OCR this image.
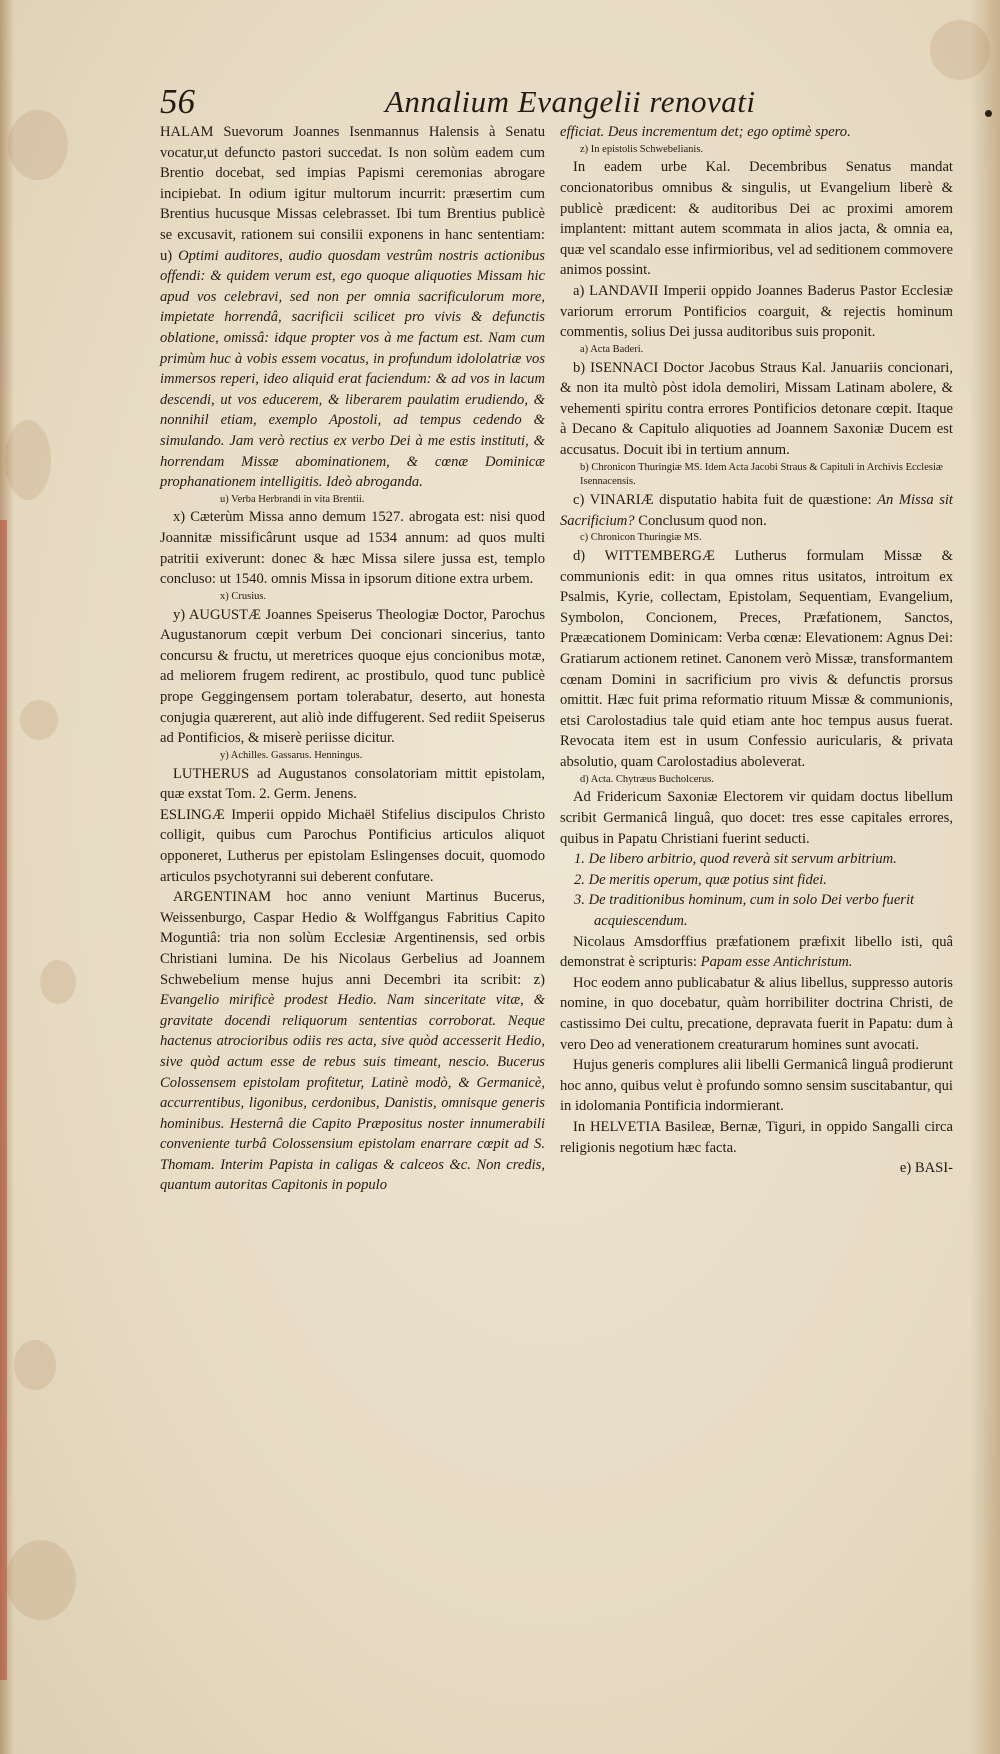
56	Annalium Evangelii renovati

HALAM Suevorum Joannes Isenmannus Halensis à Senatu vocatur,ut defuncto pastori succedat. Is non solùm eadem cum Brentio docebat, sed impias Papismi ceremonias abrogare incipiebat. In odium igitur multorum incurrit: præsertim cum Brentius hucusque Missas celebrasset. Ibi tum Brentius publicè se excusavit, rationem sui consilii exponens in hanc sententiam: u) Optimi auditores, audio quosdam vestrûm nostris actionibus offendi: & quidem verum est, ego quoque aliquoties Missam hic apud vos celebravi, sed non per omnia sacrificulorum more, impietate horrendâ, sacrificii scilicet pro vivis & defunctis oblatione, omissâ: idque propter vos à me factum est. Nam cum primùm huc à vobis essem vocatus, in profundum idololatriæ vos immersos reperi, ideo aliquid erat faciendum: & ad vos in lacum descendi, ut vos educerem, & liberarem paulatim erudiendo, & nonnihil etiam, exemplo Apostoli, ad tempus cedendo & simulando. Jam verò rectius ex verbo Dei à me estis instituti, & horrendam Missæ abominationem, & cœnæ Dominicæ prophanationem intelligitis. Ideò abroganda.

u) Verba Herbrandi in vita Brentii.

x) Cæterùm Missa anno demum 1527. abrogata est: nisi quod Joannitæ missificârunt usque ad 1534 annum: ad quos multi patritii exiverunt: donec & hæc Missa silere jussa est, templo concluso: ut 1540. omnis Missa in ipsorum ditione extra urbem.

x) Crusius.

y) AUGUSTÆ Joannes Speiserus Theologiæ Doctor, Parochus Augustanorum cœpit verbum Dei concionari sincerius, tanto concursu & fructu, ut meretrices quoque ejus concionibus motæ, ad meliorem frugem redirent, ac prostibulo, quod tunc publicè prope Geggingensem portam tolerabatur, deserto, aut honesta conjugia quærerent, aut aliò inde diffugerent. Sed rediit Speiserus ad Pontificios, & miserè periisse dicitur.

y) Achilles. Gassarus. Henningus.

LUTHERUS ad Augustanos consolatoriam mittit epistolam, quæ exstat Tom. 2. Germ. Jenens.

ESLINGÆ Imperii oppido Michaël Stifelius discipulos Christo colligit, quibus cum Parochus Pontificius articulos aliquot opponeret, Lutherus per epistolam Eslingenses docuit, quomodo articulos psychotyranni sui deberent confutare.

ARGENTINAM hoc anno veniunt Martinus Bucerus, Weissenburgo, Caspar Hedio & Wolffgangus Fabritius Capito Moguntiâ: tria non solùm Ecclesiæ Argentinensis, sed orbis Christiani lumina. De his Nicolaus Gerbelius ad Joannem Schwebelium mense hujus anni Decembri ita scribit: z) Evangelio mirificè prodest Hedio. Nam sinceritate vitæ, & gravitate docendi reliquorum sententias corroborat. Neque hactenus atrocioribus odiis res acta, sive quòd accesserit Hedio, sive quòd actum esse de rebus suis timeant, nescio. Bucerus Colossensem epistolam profitetur, Latinè modò, & Germanicè, accurrentibus, ligonibus, cerdonibus, Danistis, omnisque generis hominibus. Hesternâ die Capito Præpositus noster innumerabili conveniente turbâ Colossensium epistolam enarrare cœpit ad S. Thomam. Interim Papista in caligas & calceos &c. Non credis, quantum autoritas Capitonis in populo

efficiat. Deus incrementum det; ego optimè spero.

z) In epistolis Schwebelianis.

In eadem urbe Kal. Decembribus Senatus mandat concionatoribus omnibus & singulis, ut Evangelium liberè & publicè prædicent: & auditoribus Dei ac proximi amorem implantent: mittant autem scommata in alios jacta, & omnia ea, quæ vel scandalo esse infirmioribus, vel ad seditionem commovere animos possint.

a) LANDAVII Imperii oppido Joannes Baderus Pastor Ecclesiæ variorum errorum Pontificios coarguit, & rejectis hominum commentis, solius Dei jussa auditoribus suis proponit.

a) Acta Baderi.

b) ISENNACI Doctor Jacobus Straus Kal. Januariis concionari, & non ita multò pòst idola demoliri, Missam Latinam abolere, & vehementi spiritu contra errores Pontificios detonare cœpit. Itaque à Decano & Capitulo aliquoties ad Joannem Saxoniæ Ducem est accusatus. Docuit ibi in tertium annum.

b) Chronicon Thuringiæ MS. Idem Acta Jacobi Straus & Capituli in Archivis Ecclesiæ Isennacensis.

c) VINARIÆ disputatio habita fuit de quæstione: An Missa sit Sacrificium? Conclusum quod non.

c) Chronicon Thuringiæ MS.

d) WITTEMBERGÆ Lutherus formulam Missæ & communionis edit: in qua omnes ritus usitatos, introitum ex Psalmis, Kyrie, collectam, Epistolam, Sequentiam, Evangelium, Symbolon, Concionem, Preces, Præfationem, Sanctos, Prææcationem Dominicam: Verba cœnæ: Elevationem: Agnus Dei: Gratiarum actionem retinet. Canonem verò Missæ, transformantem cœnam Domini in sacrificium pro vivis & defunctis prorsus omittit. Hæc fuit prima reformatio rituum Missæ & communionis, etsi Carolostadius tale quid etiam ante hoc tempus ausus fuerat. Revocata item est in usum Confessio auricularis, & privata absolutio, quam Carolostadius aboleverat.

d) Acta. Chytræus Bucholcerus.

Ad Fridericum Saxoniæ Electorem vir quidam doctus libellum scribit Germanicâ linguâ, quo docet: tres esse capitales errores, quibus in Papatu Christiani fuerint seducti.

1. De libero arbitrio, quod reverà sit servum arbitrium.

2. De meritis operum, quæ potius sint fidei.

3. De traditionibus hominum, cum in solo Dei verbo fuerit acquiescendum.

Nicolaus Amsdorffius præfationem præfixit libello isti, quâ demonstrat è scripturis: Papam esse Antichristum.

Hoc eodem anno publicabatur & alius libellus, suppresso autoris nomine, in quo docebatur, quàm horribiliter doctrina Christi, de castissimo Dei cultu, precatione, depravata fuerit in Papatu: dum à vero Deo ad venerationem creaturarum homines sunt avocati.

Hujus generis complures alii libelli Germanicâ linguâ prodierunt hoc anno, quibus velut è profundo somno sensim suscitabantur, qui in idolomania Pontificia indormierant.

In HELVETIA Basileæ, Bernæ, Tiguri, in oppido Sangalli circa religionis negotium hæc facta.

e) BASI-
